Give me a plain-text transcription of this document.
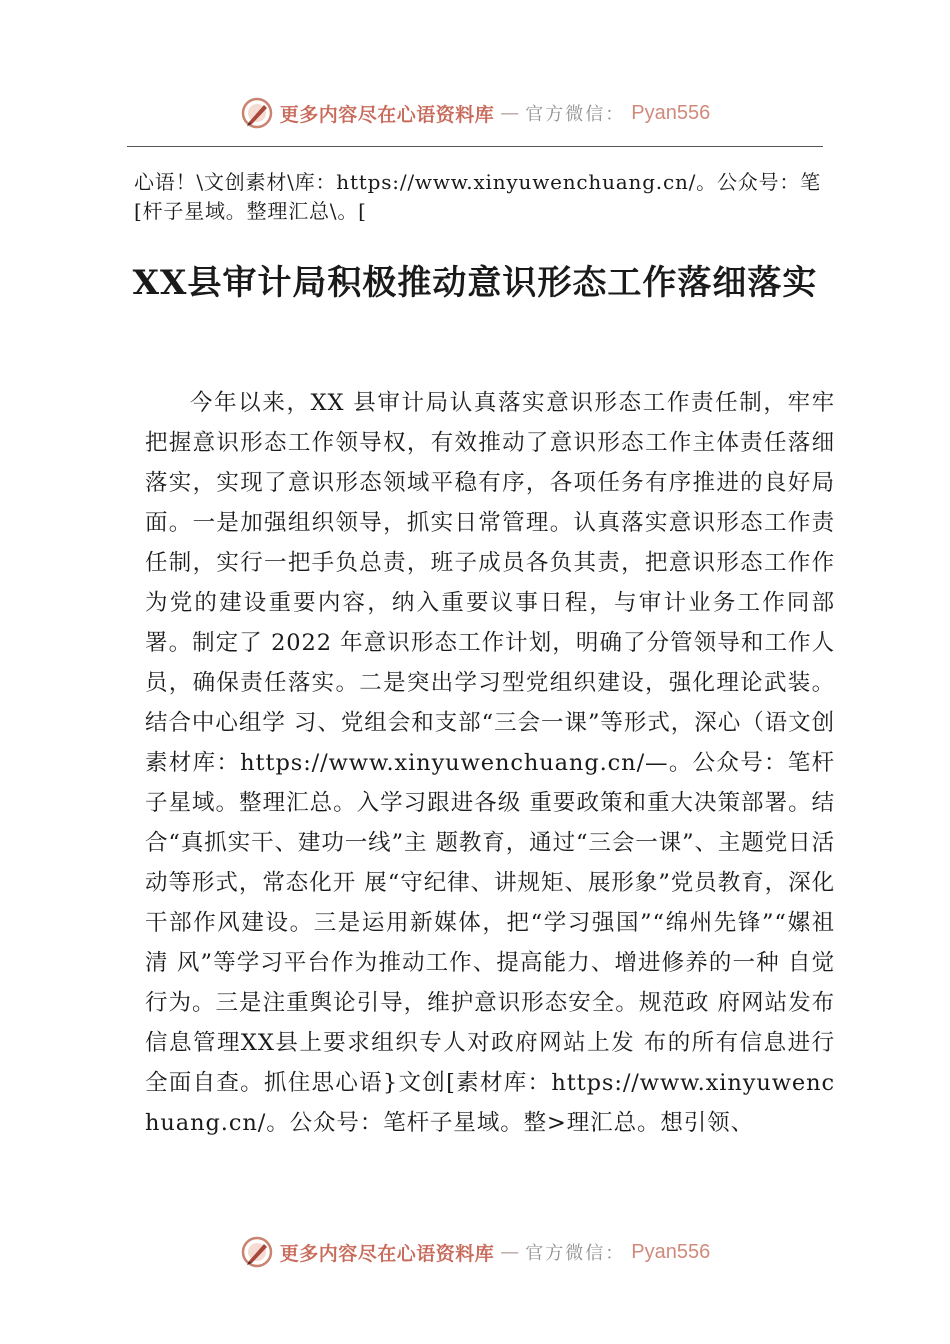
更多内容尽在心语资料库 — 官方微信： Pyan556
心语！\文创素材\库：https://www.xinyuwenchuang.cn/。公众号：笔[杆子星域。整理汇总\。[
XX县审计局积极推动意识形态工作落细落实

今年以来，XX 县审计局认真落实意识形态工作责任制，牢牢把握意识形态工作领导权，有效推动了意识形态工作主体责任落细落实，实现了意识形态领域平稳有序，各项任务有序推进的良好局面。一是加强组织领导，抓实日常管理。认真落实意识形态工作责任制，实行一把手负总责，班子成员各负其责，把意识形态工作作为党的建设重要内容，纳入重要议事日程，与审计业务工作同部署。制定了 2022 年意识形态工作计划，明确了分管领导和工作人员，确保责任落实。二是突出学习型党组织建设，强化理论武装。结合中心组学 习、党组会和支部“三会一课”等形式，深心（语文创素材库：https://www.xinyuwenchuang.cn/—。公众号：笔杆子星域。整理汇总。入学习跟进各级 重要政策和重大决策部署。结合“真抓实干、建功一线”主 题教育，通过“三会一课”、主题党日活动等形式，常态化开 展“守纪律、讲规矩、展形象”党员教育，深化干部作风建设。三是运用新媒体，把“学习强国”“绵州先锋”“嫘祖清 风”等学习平台作为推动工作、提高能力、增进修养的一种 自觉行为。三是注重舆论引导，维护意识形态安全。规范政 府网站发布信息管理XX县上要求组织专人对政府网站上发 布的所有信息进行全面自查。抓住思心语}文创[素材库：https://www.xinyuwenchuang.cn/。公众号：笔杆子星域。整>理汇总。想引领、

更多内容尽在心语资料库 — 官方微信： Pyan556
